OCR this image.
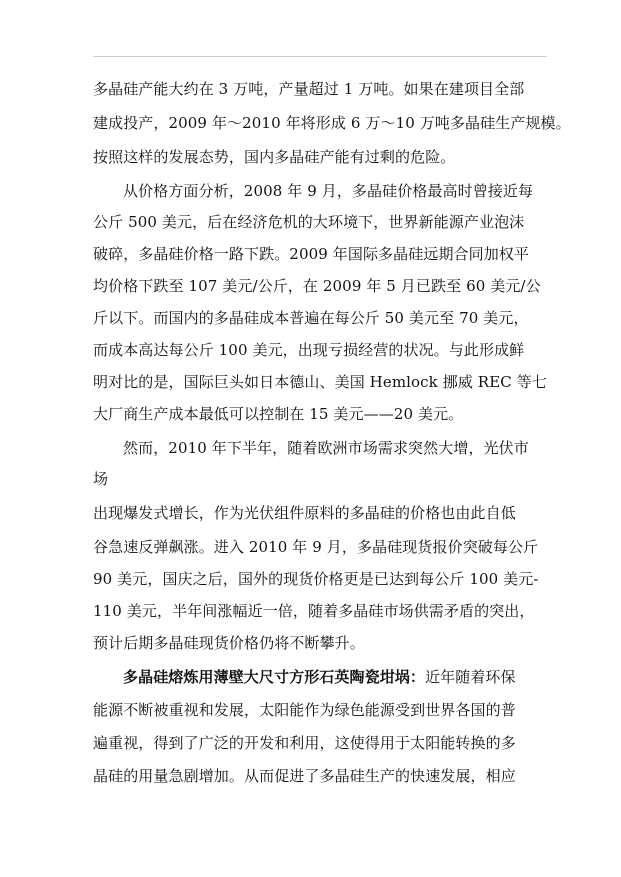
多晶硅产能大约在 3 万吨，产量超过 1 万吨。如果在建项目全部
建成投产，2009 年～2010 年将形成 6 万～10 万吨多晶硅生产规模。
按照这样的发展态势，国内多晶硅产能有过剩的危险。
从价格方面分析，2008 年 9 月，多晶硅价格最高时曾接近每
公斤 500 美元，后在经济危机的大环境下，世界新能源产业泡沫
破碎，多晶硅价格一路下跌。2009 年国际多晶硅远期合同加权平
均价格下跌至 107 美元/公斤，在 2009 年 5 月已跌至 60 美元/公
斤以下。而国内的多晶硅成本普遍在每公斤 50 美元至 70 美元，
而成本高达每公斤 100 美元，出现亏损经营的状况。与此形成鲜
明对比的是，国际巨头如日本德山、美国 Hemlock 挪威 REC 等七
大厂商生产成本最低可以控制在 15 美元——20 美元。
然而，2010 年下半年，随着欧洲市场需求突然大增，光伏市
场
出现爆发式增长，作为光伏组件原料的多晶硅的价格也由此自低
谷急速反弹飙涨。进入 2010 年 9 月，多晶硅现货报价突破每公斤
90 美元，国庆之后，国外的现货价格更是已达到每公斤 100 美元-
110 美元，半年间涨幅近一倍，随着多晶硅市场供需矛盾的突出，
预计后期多晶硅现货价格仍将不断攀升。
多晶硅熔炼用薄壁大尺寸方形石英陶瓷坩埚：近年随着环保
能源不断被重视和发展，太阳能作为绿色能源受到世界各国的普
遍重视，得到了广泛的开发和利用，这使得用于太阳能转换的多
晶硅的用量急剧增加。从而促进了多晶硅生产的快速发展，相应
